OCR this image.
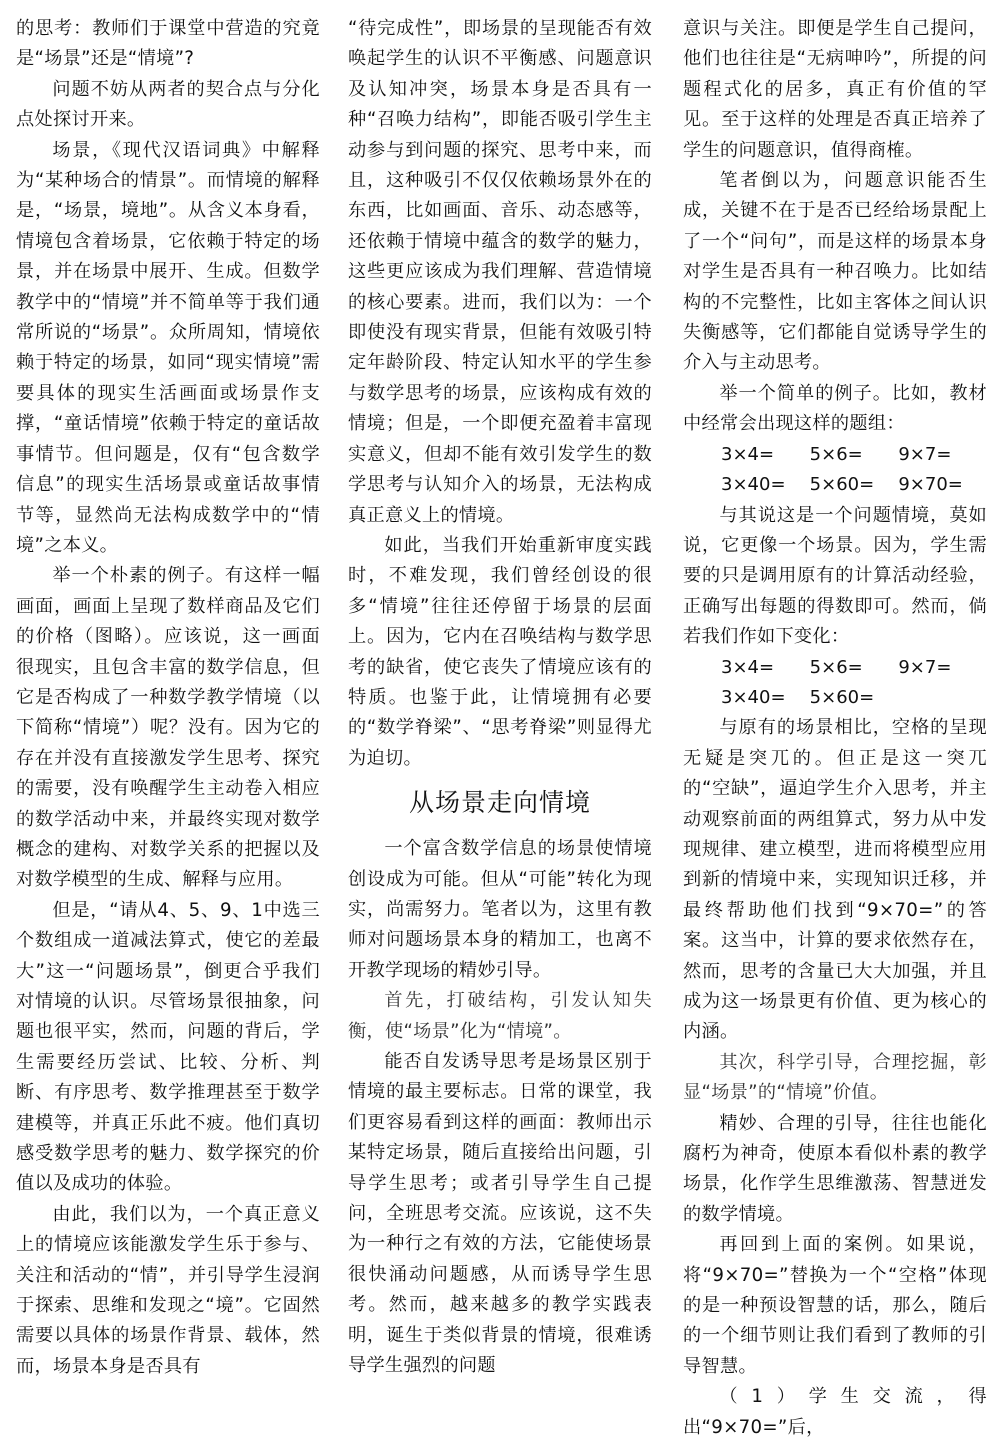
的思考：教师们于课堂中营造的究竟是“场景”还是“情境”?

问题不妨从两者的契合点与分化点处探讨开来。

场景，《现代汉语词典》中解释为“某种场合的情景”。而情境的解释是，“场景，境地”。从含义本身看，情境包含着场景，它依赖于特定的场景，并在场景中展开、生成。但数学教学中的“情境”并不简单等于我们通常所说的“场景”。众所周知，情境依赖于特定的场景，如同“现实情境”需要具体的现实生活画面或场景作支撑，“童话情境”依赖于特定的童话故事情节。但问题是，仅有“包含数学信息”的现实生活场景或童话故事情节等，显然尚无法构成数学中的“情境”之本义。

举一个朴素的例子。有这样一幅画面，画面上呈现了数样商品及它们的价格（图略）。应该说，这一画面很现实，且包含丰富的数学信息，但它是否构成了一种数学教学情境（以下简称“情境”）呢？没有。因为它的存在并没有直接激发学生思考、探究的需要，没有唤醒学生主动卷入相应的数学活动中来，并最终实现对数学概念的建构、对数学关系的把握以及对数学模型的生成、解释与应用。

但是，“请从4、5、9、1中选三个数组成一道减法算式，使它的差最大”这一“问题场景”，倒更合乎我们对情境的认识。尽管场景很抽象，问题也很平实，然而，问题的背后，学生需要经历尝试、比较、分析、判断、有序思考、数学推理甚至于数学建模等，并真正乐此不疲。他们真切感受数学思考的魅力、数学探究的价值以及成功的体验。

由此，我们以为，一个真正意义上的情境应该能激发学生乐于参与、关注和活动的“情”，并引导学生浸润于探索、思维和发现之“境”。它固然需要以具体的场景作背景、载体，然而，场景本身是否具有

“待完成性”，即场景的呈现能否有效唤起学生的认识不平衡感、问题意识及认知冲突，场景本身是否具有一种“召唤力结构”，即能否吸引学生主动参与到问题的探究、思考中来，而且，这种吸引不仅仅依赖场景外在的东西，比如画面、音乐、动态感等，还依赖于情境中蕴含的数学的魅力，这些更应该成为我们理解、营造情境的核心要素。进而，我们以为：一个即使没有现实背景，但能有效吸引特定年龄阶段、特定认知水平的学生参与数学思考的场景，应该构成有效的情境；但是，一个即便充盈着丰富现实意义，但却不能有效引发学生的数学思考与认知介入的场景，无法构成真正意义上的情境。

如此，当我们开始重新审度实践时，不难发现，我们曾经创设的很多“情境”往往还停留于场景的层面上。因为，它内在召唤结构与数学思考的缺省，使它丧失了情境应该有的特质。也鉴于此，让情境拥有必要的“数学脊梁”、“思考脊梁”则显得尤为迫切。

从场景走向情境

一个富含数学信息的场景使情境创设成为可能。但从“可能”转化为现实，尚需努力。笔者以为，这里有教师对问题场景本身的精加工，也离不开教学现场的精妙引导。

首先，打破结构，引发认知失衡，使“场景”化为“情境”。

能否自发诱导思考是场景区别于情境的最主要标志。日常的课堂，我们更容易看到这样的画面：教师出示某特定场景，随后直接给出问题，引导学生思考；或者引导学生自己提问，全班思考交流。应该说，这不失为一种行之有效的方法，它能使场景很快涌动问题感，从而诱导学生思考。然而，越来越多的教学实践表明，诞生于类似背景的情境，很难诱导学生强烈的问题

意识与关注。即便是学生自己提问，他们也往往是“无病呻吟”，所提的问题程式化的居多，真正有价值的罕见。至于这样的处理是否真正培养了学生的问题意识，值得商榷。

笔者倒以为，问题意识能否生成，关键不在于是否已经给场景配上了一个“问句”，而是这样的场景本身对学生是否具有一种召唤力。比如结构的不完整性，比如主客体之间认识失衡感等，它们都能自觉诱导学生的介入与主动思考。

举一个简单的例子。比如，教材中经常会出现这样的题组：

3×4=	5×6=	9×7=
3×40=	5×60=	9×70=

与其说这是一个问题情境，莫如说，它更像一个场景。因为，学生需要的只是调用原有的计算活动经验，正确写出每题的得数即可。然而，倘若我们作如下变化：

3×4=	5×6=	9×7=
3×40=	5×60=

与原有的场景相比，空格的呈现无疑是突兀的。但正是这一突兀的“空缺”，逼迫学生介入思考，并主动观察前面的两组算式，努力从中发现规律、建立模型，进而将模型应用到新的情境中来，实现知识迁移，并最终帮助他们找到“9×70=”的答案。这当中，计算的要求依然存在，然而，思考的含量已大大加强，并且成为这一场景更有价值、更为核心的内涵。

其次，科学引导，合理挖掘，彰显“场景”的“情境”价值。

精妙、合理的引导，往往也能化腐朽为神奇，使原本看似朴素的教学场景，化作学生思维激荡、智慧迸发的数学情境。

再回到上面的案例。如果说，将“9×70=”替换为一个“空格”体现的是一种预设智慧的话，那么，随后的一个细节则让我们看到了教师的引导智慧。

（1）学生交流，得出“9×70=”后，
